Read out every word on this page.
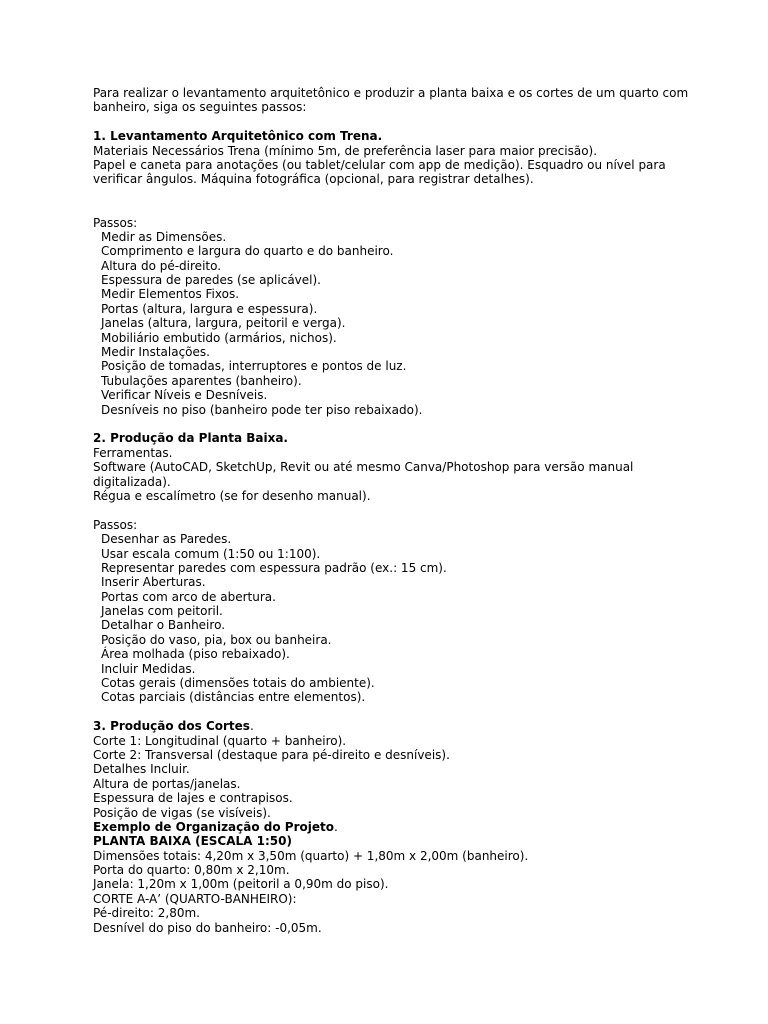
Para realizar o levantamento arquitetônico e produzir a planta baixa e os cortes de um quarto com
banheiro, siga os seguintes passos:
1. Levantamento Arquitetônico com Trena.
Materiais Necessários Trena (mínimo 5m, de preferência laser para maior precisão).
Papel e caneta para anotações (ou tablet/celular com app de medição). Esquadro ou nível para
verificar ângulos. Máquina fotográfica (opcional, para registrar detalhes).
Passos:
Medir as Dimensões.
Comprimento e largura do quarto e do banheiro.
Altura do pé-direito.
Espessura de paredes (se aplicável).
Medir Elementos Fixos.
Portas (altura, largura e espessura).
Janelas (altura, largura, peitoril e verga).
Mobiliário embutido (armários, nichos).
Medir Instalações.
Posição de tomadas, interruptores e pontos de luz.
Tubulações aparentes (banheiro).
Verificar Níveis e Desníveis.
Desníveis no piso (banheiro pode ter piso rebaixado).
2. Produção da Planta Baixa.
Ferramentas.
Software (AutoCAD, SketchUp, Revit ou até mesmo Canva/Photoshop para versão manual
digitalizada).
Régua e escalímetro (se for desenho manual).
Passos:
Desenhar as Paredes.
Usar escala comum (1:50 ou 1:100).
Representar paredes com espessura padrão (ex.: 15 cm).
Inserir Aberturas.
Portas com arco de abertura.
Janelas com peitoril.
Detalhar o Banheiro.
Posição do vaso, pia, box ou banheira.
Área molhada (piso rebaixado).
Incluir Medidas.
Cotas gerais (dimensões totais do ambiente).
Cotas parciais (distâncias entre elementos).
3. Produção dos Cortes.
Corte 1: Longitudinal (quarto + banheiro).
Corte 2: Transversal (destaque para pé-direito e desníveis).
Detalhes Incluir.
Altura de portas/janelas.
Espessura de lajes e contrapisos.
Posição de vigas (se visíveis).
Exemplo de Organização do Projeto.
PLANTA BAIXA (ESCALA 1:50)
Dimensões totais: 4,20m x 3,50m (quarto) + 1,80m x 2,00m (banheiro).
Porta do quarto: 0,80m x 2,10m.
Janela: 1,20m x 1,00m (peitoril a 0,90m do piso).
CORTE A-A’ (QUARTO-BANHEIRO):
Pé-direito: 2,80m.
Desnível do piso do banheiro: -0,05m.
